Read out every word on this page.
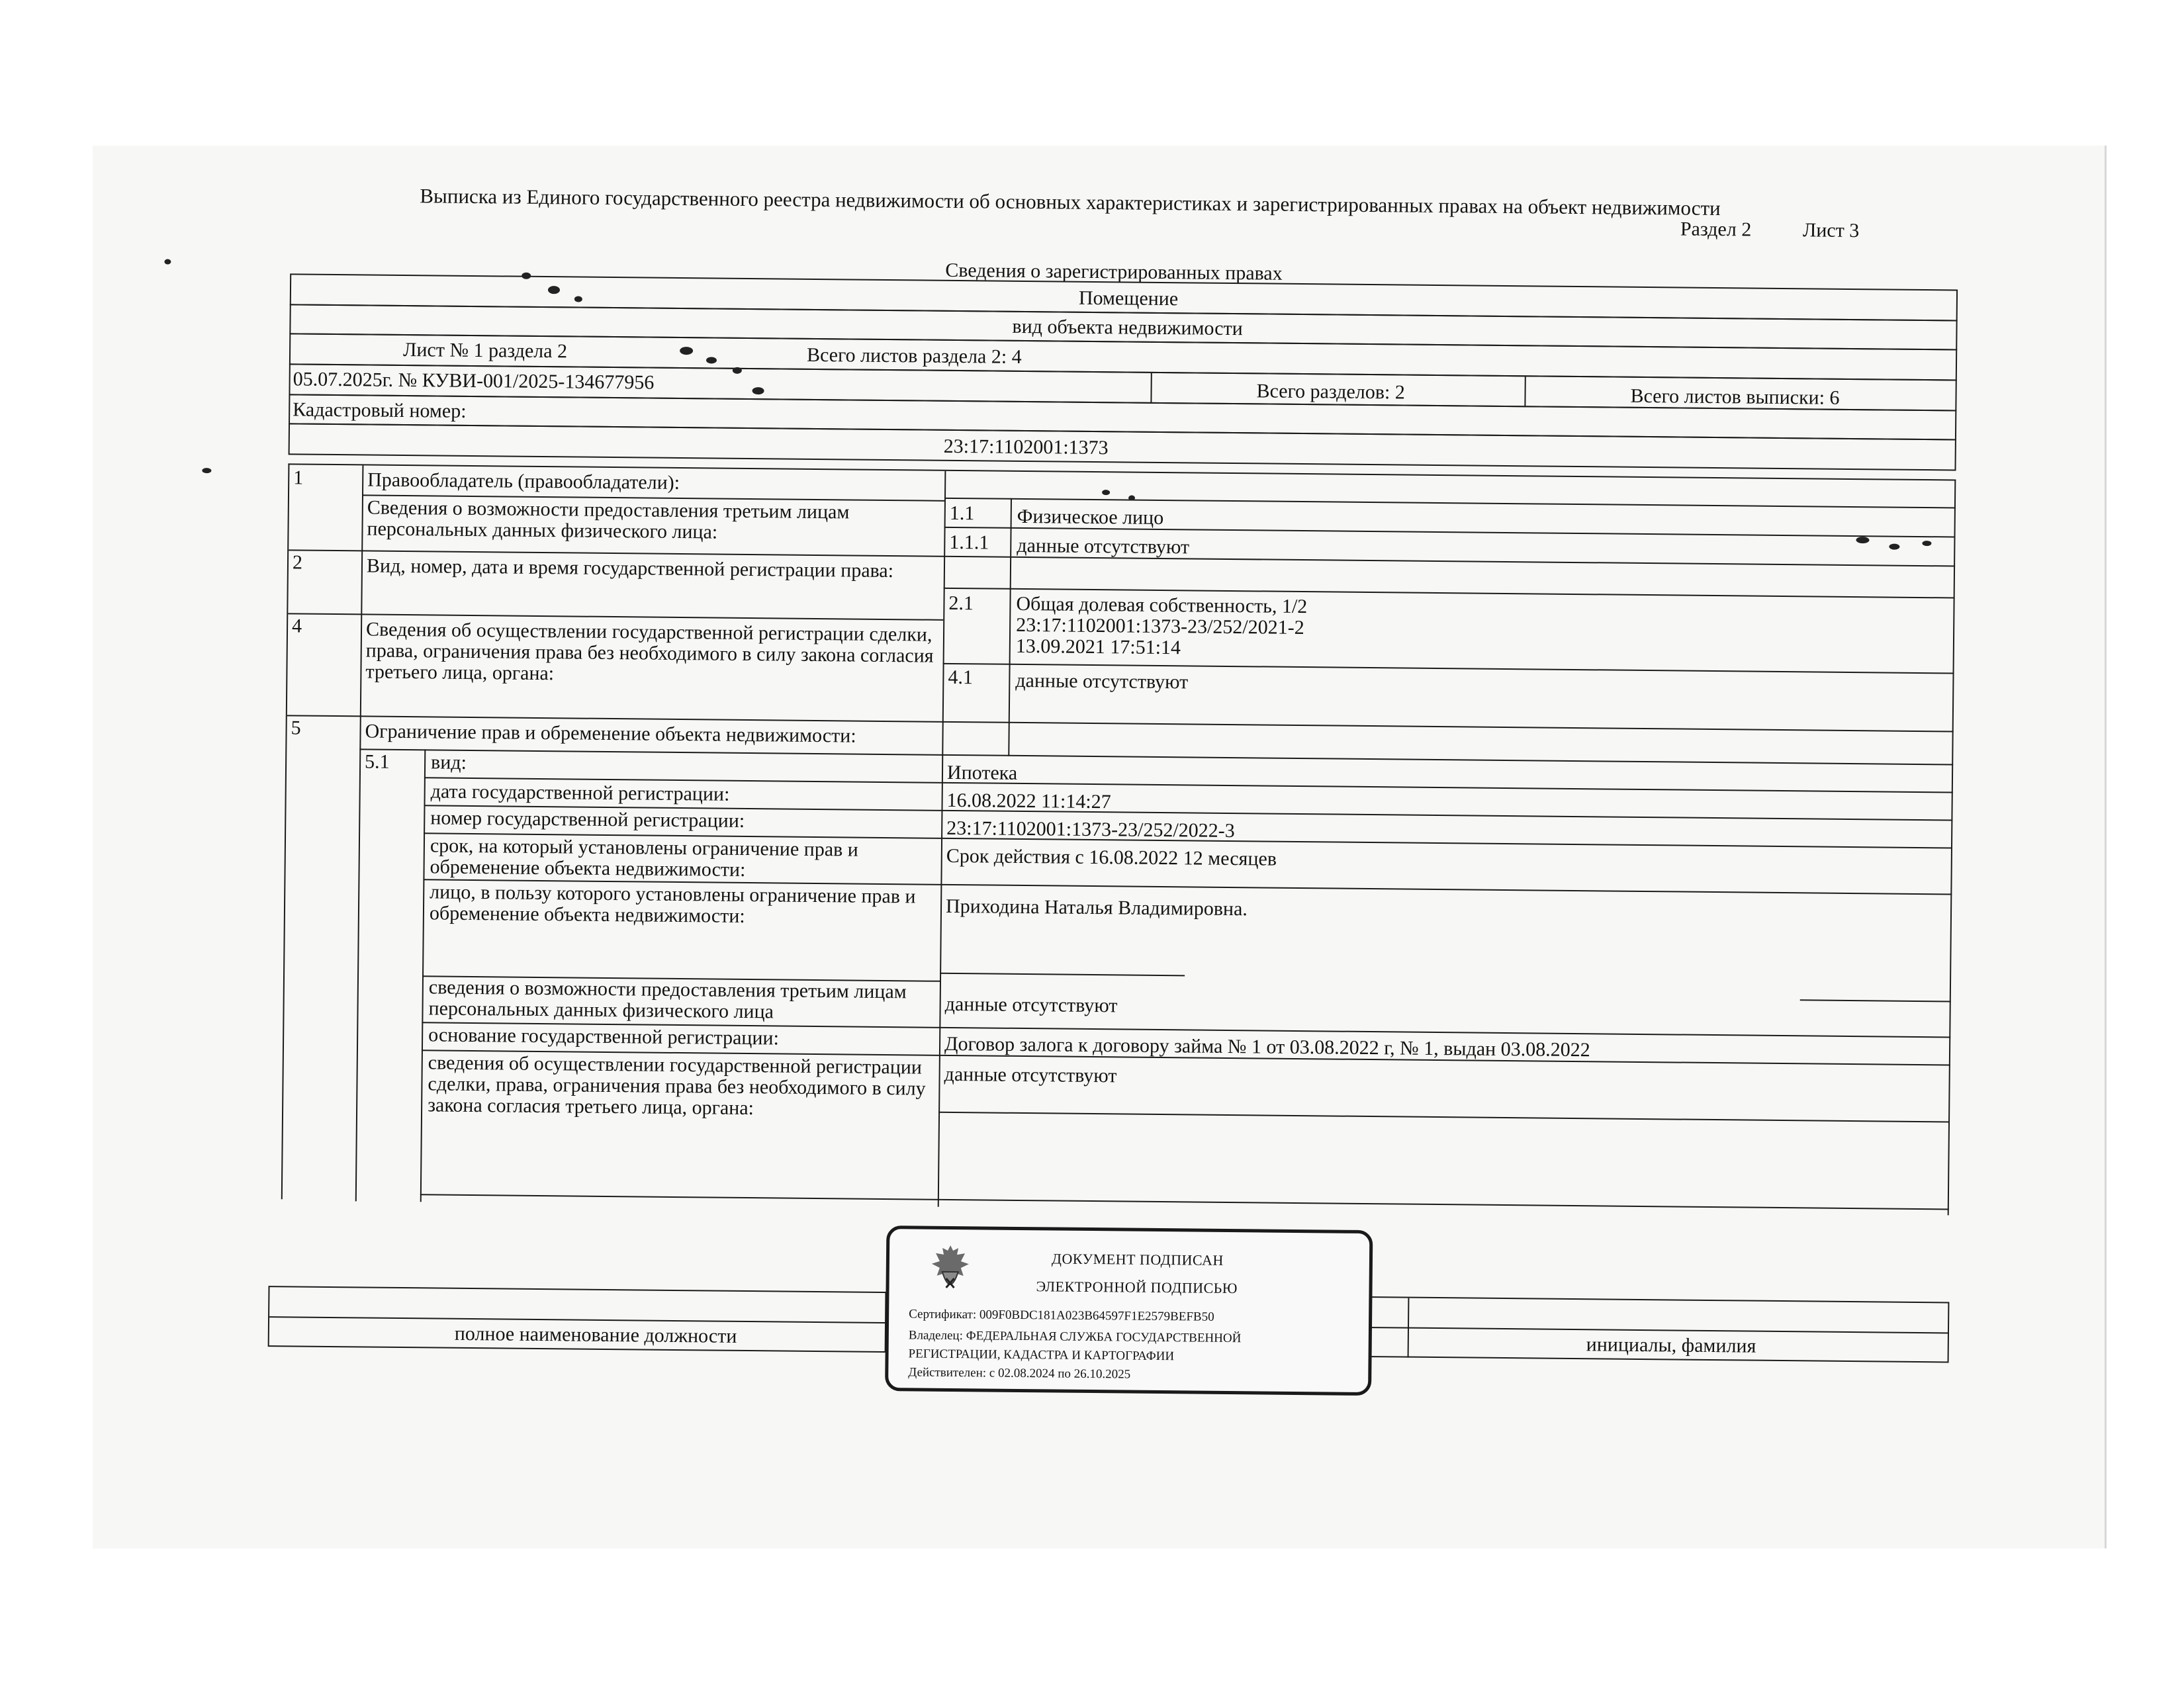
Выписка из Единого государственного реестра недвижимости об основных характеристиках и зарегистрированных правах на объект недвижимости
Раздел 2	Лист 3
Сведения о зарегистрированных правах
Помещение
вид объекта недвижимости
Лист № 1 раздела 2	Всего листов раздела 2: 4
05.07.2025г. № КУВИ-001/2025-134677956	Всего разделов: 2	Всего листов выписки: 6
Кадастровый номер:
23:17:1102001:1373
1	Правообладатель (правообладатели):
1.1 Физическое лицо
Сведения о возможности предоставления третьим лицам персональных данных физического лица:	1.1.1 данные отсутствуют
2	Вид, номер, дата и время государственной регистрации права:
2.1 Общая долевая собственность, 1/2
23:17:1102001:1373-23/252/2021-2
13.09.2021 17:51:14
4	Сведения об осуществлении государственной регистрации сделки, права, ограничения права без необходимого в силу закона согласия третьего лица, органа:	4.1 данные отсутствуют
5	Ограничение прав и обременение объекта недвижимости:
5.1 вид:	Ипотека
дата государственной регистрации:	16.08.2022 11:14:27
номер государственной регистрации:	23:17:1102001:1373-23/252/2022-3
срок, на который установлены ограничение прав и обременение объекта недвижимости:	Срок действия с 16.08.2022 12 месяцев
лицо, в пользу которого установлены ограничение прав и обременение объекта недвижимости:	Приходина Наталья Владимировна.
сведения о возможности предоставления третьим лицам персональных данных физического лица	данные отсутствуют
основание государственной регистрации:	Договор залога к договору займа № 1 от 03.08.2022 г, № 1, выдан 03.08.2022
сведения об осуществлении государственной регистрации сделки, права, ограничения права без необходимого в силу закона согласия третьего лица, органа:
данные отсутствуют
полное наименование должности	инициалы, фамилия
ДОКУМЕНТ ПОДПИСАН
ЭЛЕКТРОННОЙ ПОДПИСЬЮ
Сертификат: 009F0BDC181A023B64597F1E2579BEFB50
Владелец: ФЕДЕРАЛЬНАЯ СЛУЖБА ГОСУДАРСТВЕННОЙ
РЕГИСТРАЦИИ, КАДАСТРА И КАРТОГРАФИИ
Действителен: с 02.08.2024 по 26.10.2025
